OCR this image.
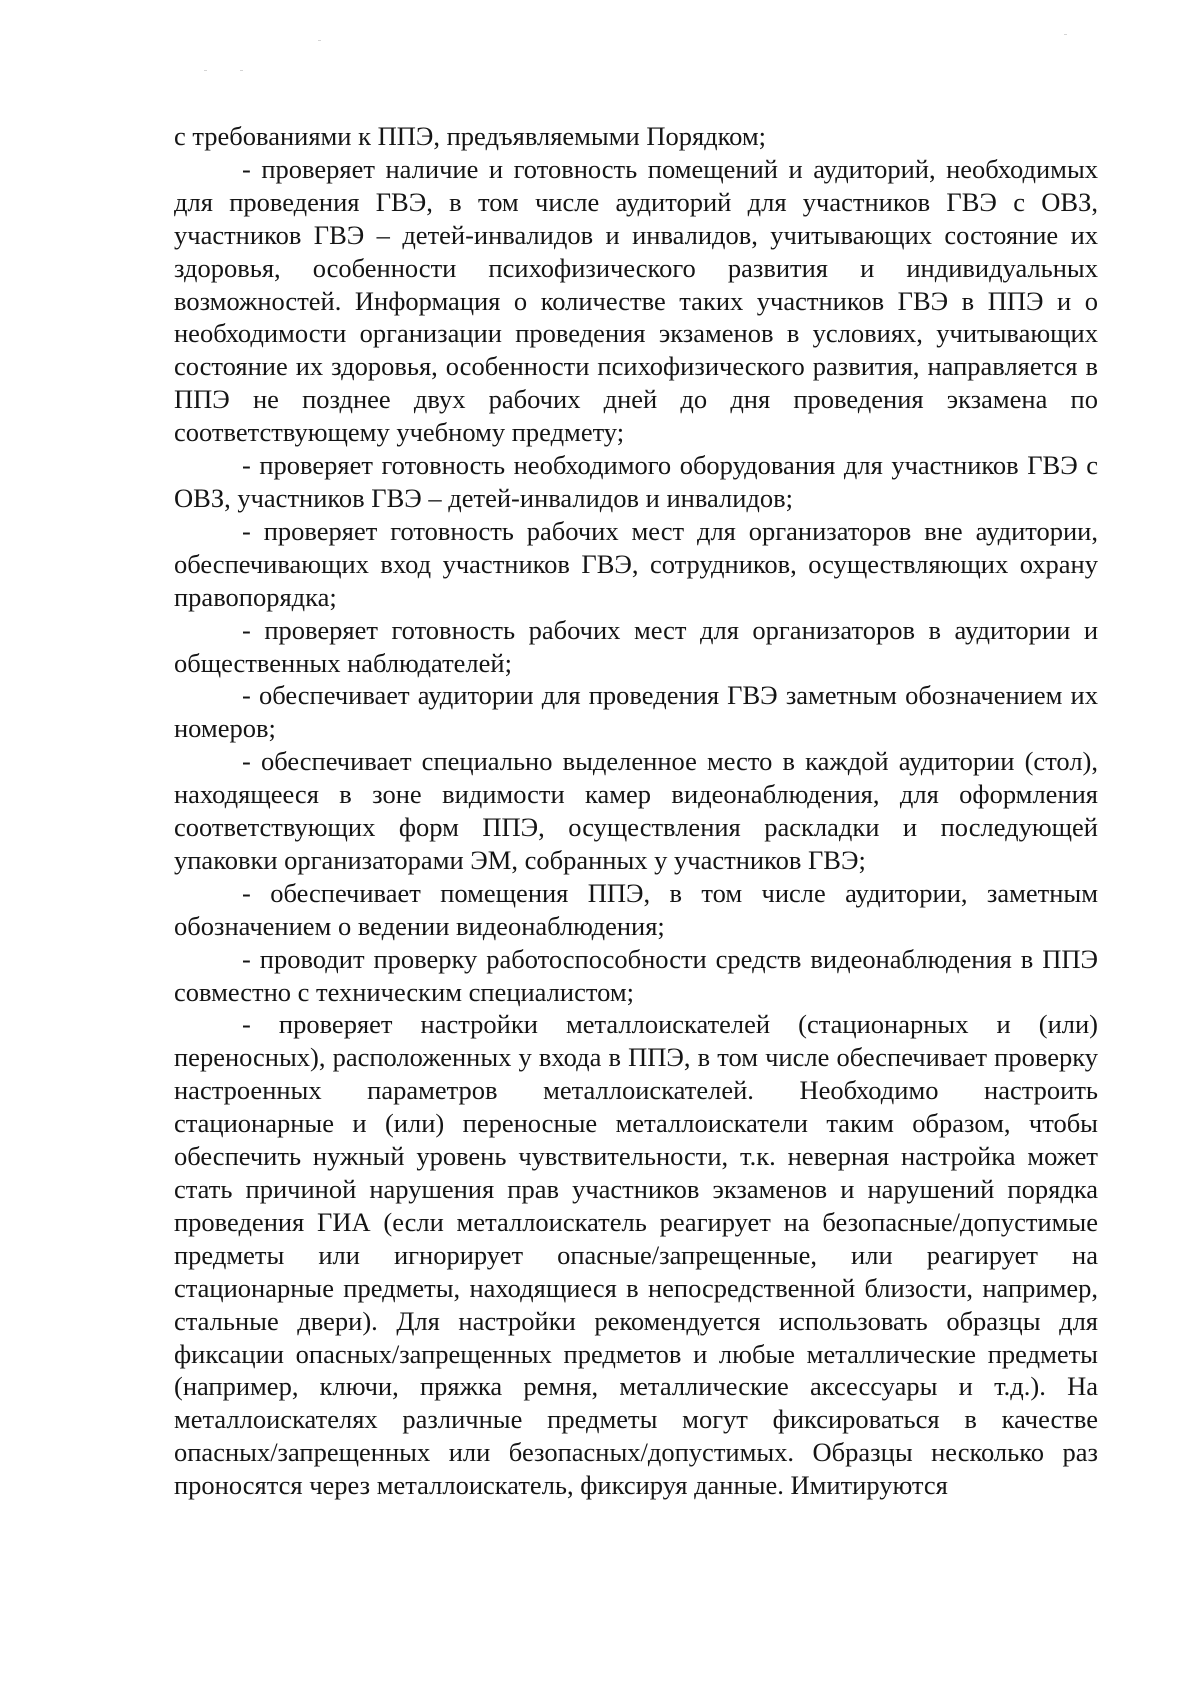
с требованиями к ППЭ, предъявляемыми Порядком;

- проверяет наличие и готовность помещений и аудиторий, необходимых для проведения ГВЭ, в том числе аудиторий для участников ГВЭ с ОВЗ, участников ГВЭ – детей-инвалидов и инвалидов, учитывающих состояние их здоровья, особенности психофизического развития и индивидуальных возможностей. Информация о количестве таких участников ГВЭ в ППЭ и о необходимости организации проведения экзаменов в условиях, учитывающих состояние их здоровья, особенности психофизического развития, направляется в ППЭ не позднее двух рабочих дней до дня проведения экзамена по соответствующему учебному предмету;

- проверяет готовность необходимого оборудования для участников ГВЭ с ОВЗ, участников ГВЭ – детей-инвалидов и инвалидов;

- проверяет готовность рабочих мест для организаторов вне аудитории, обеспечивающих вход участников ГВЭ, сотрудников, осуществляющих охрану правопорядка;

- проверяет готовность рабочих мест для организаторов в аудитории и общественных наблюдателей;

- обеспечивает аудитории для проведения ГВЭ заметным обозначением их номеров;

- обеспечивает специально выделенное место в каждой аудитории (стол), находящееся в зоне видимости камер видеонаблюдения, для оформления соответствующих форм ППЭ, осуществления раскладки и последующей упаковки организаторами ЭМ, собранных у участников ГВЭ;

- обеспечивает помещения ППЭ, в том числе аудитории, заметным обозначением о ведении видеонаблюдения;

- проводит проверку работоспособности средств видеонаблюдения в ППЭ совместно с техническим специалистом;

- проверяет настройки металлоискателей (стационарных и (или) переносных), расположенных у входа в ППЭ, в том числе обеспечивает проверку настроенных параметров металлоискателей. Необходимо настроить стационарные и (или) переносные металлоискатели таким образом, чтобы обеспечить нужный уровень чувствительности, т.к. неверная настройка может стать причиной нарушения прав участников экзаменов и нарушений порядка проведения ГИА (если металлоискатель реагирует на безопасные/допустимые предметы или игнорирует опасные/запрещенные, или реагирует на стационарные предметы, находящиеся в непосредственной близости, например, стальные двери). Для настройки рекомендуется использовать образцы для фиксации опасных/запрещенных предметов и любые металлические предметы (например, ключи, пряжка ремня, металлические аксессуары и т.д.). На металлоискателях различные предметы могут фиксироваться в качестве опасных/запрещенных или безопасных/допустимых. Образцы несколько раз проносятся через металлоискатель, фиксируя данные. Имитируются
